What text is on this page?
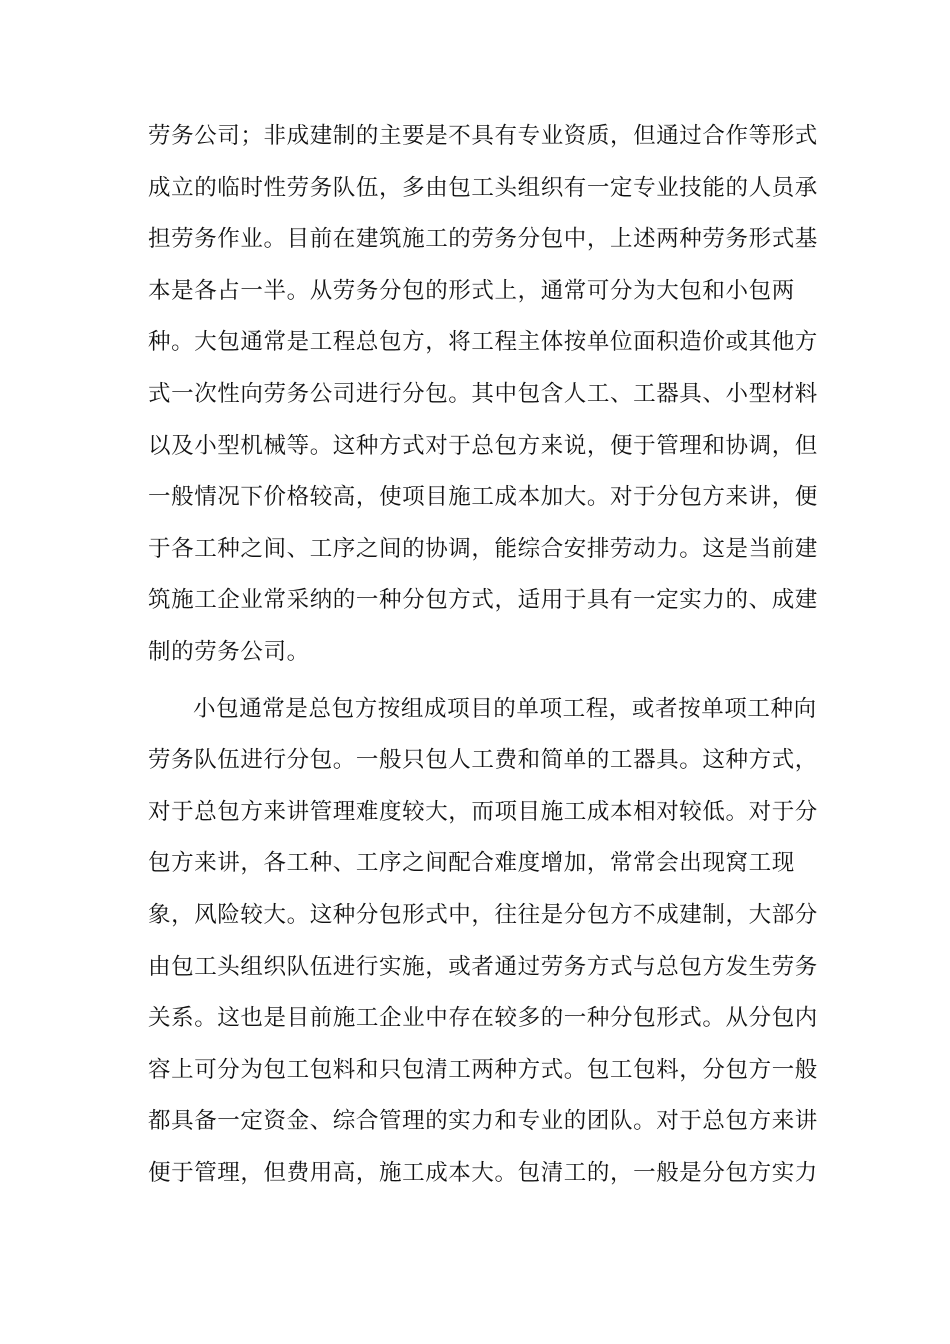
劳务公司；非成建制的主要是不具有专业资质，但通过合作等形式
成立的临时性劳务队伍，多由包工头组织有一定专业技能的人员承
担劳务作业。目前在建筑施工的劳务分包中，上述两种劳务形式基
本是各占一半。从劳务分包的形式上，通常可分为大包和小包两
种。大包通常是工程总包方，将工程主体按单位面积造价或其他方
式一次性向劳务公司进行分包。其中包含人工、工器具、小型材料
以及小型机械等。这种方式对于总包方来说，便于管理和协调，但
一般情况下价格较高，使项目施工成本加大。对于分包方来讲，便
于各工种之间、工序之间的协调，能综合安排劳动力。这是当前建
筑施工企业常采纳的一种分包方式，适用于具有一定实力的、成建
制的劳务公司。
小包通常是总包方按组成项目的单项工程，或者按单项工种向
劳务队伍进行分包。一般只包人工费和简单的工器具。这种方式，
对于总包方来讲管理难度较大，而项目施工成本相对较低。对于分
包方来讲，各工种、工序之间配合难度增加，常常会出现窝工现
象，风险较大。这种分包形式中，往往是分包方不成建制，大部分
由包工头组织队伍进行实施，或者通过劳务方式与总包方发生劳务
关系。这也是目前施工企业中存在较多的一种分包形式。从分包内
容上可分为包工包料和只包清工两种方式。包工包料，分包方一般
都具备一定资金、综合管理的实力和专业的团队。对于总包方来讲
便于管理，但费用高，施工成本大。包清工的，一般是分包方实力
